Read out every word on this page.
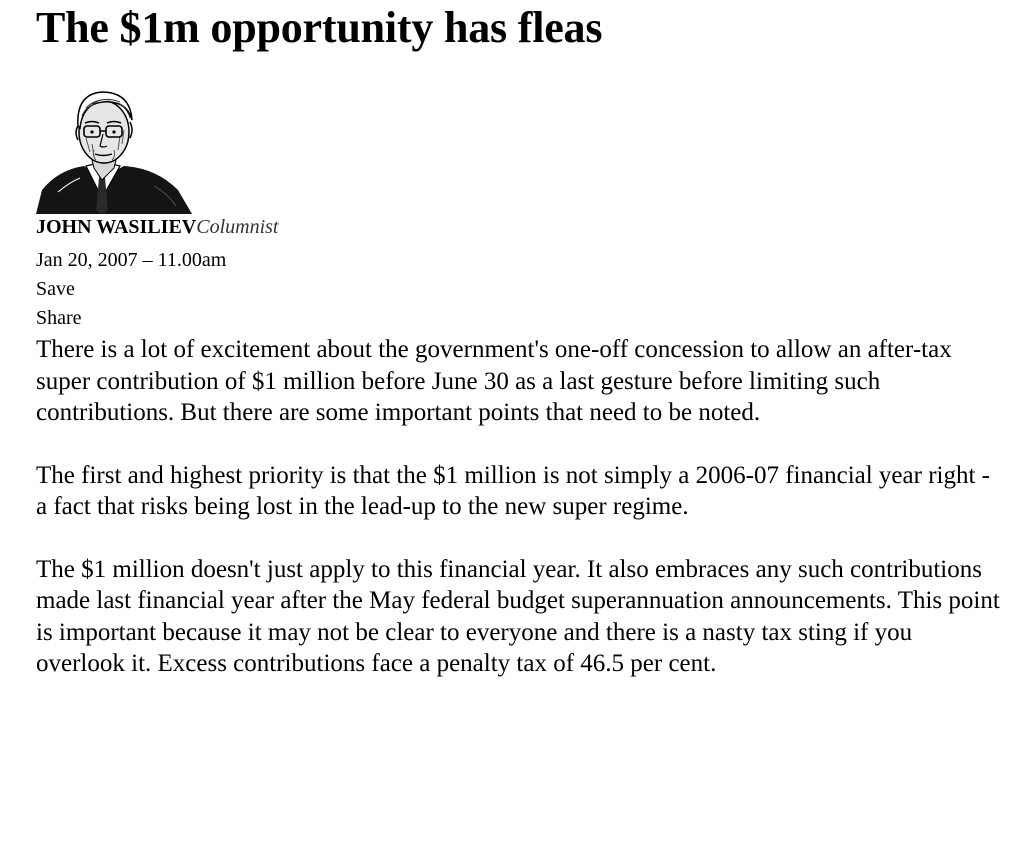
The $1m opportunity has fleas
JOHN WASILIEVColumnist
Jan 20, 2007 – 11.00am
Save
Share

There is a lot of excitement about the government's one-off concession to allow an after-tax super contribution of $1 million before June 30 as a last gesture before limiting such contributions. But there are some important points that need to be noted.

The first and highest priority is that the $1 million is not simply a 2006-07 financial year right - a fact that risks being lost in the lead-up to the new super regime.

The $1 million doesn't just apply to this financial year. It also embraces any such contributions made last financial year after the May federal budget superannuation announcements. This point is important because it may not be clear to everyone and there is a nasty tax sting if you overlook it. Excess contributions face a penalty tax of 46.5 per cent.
